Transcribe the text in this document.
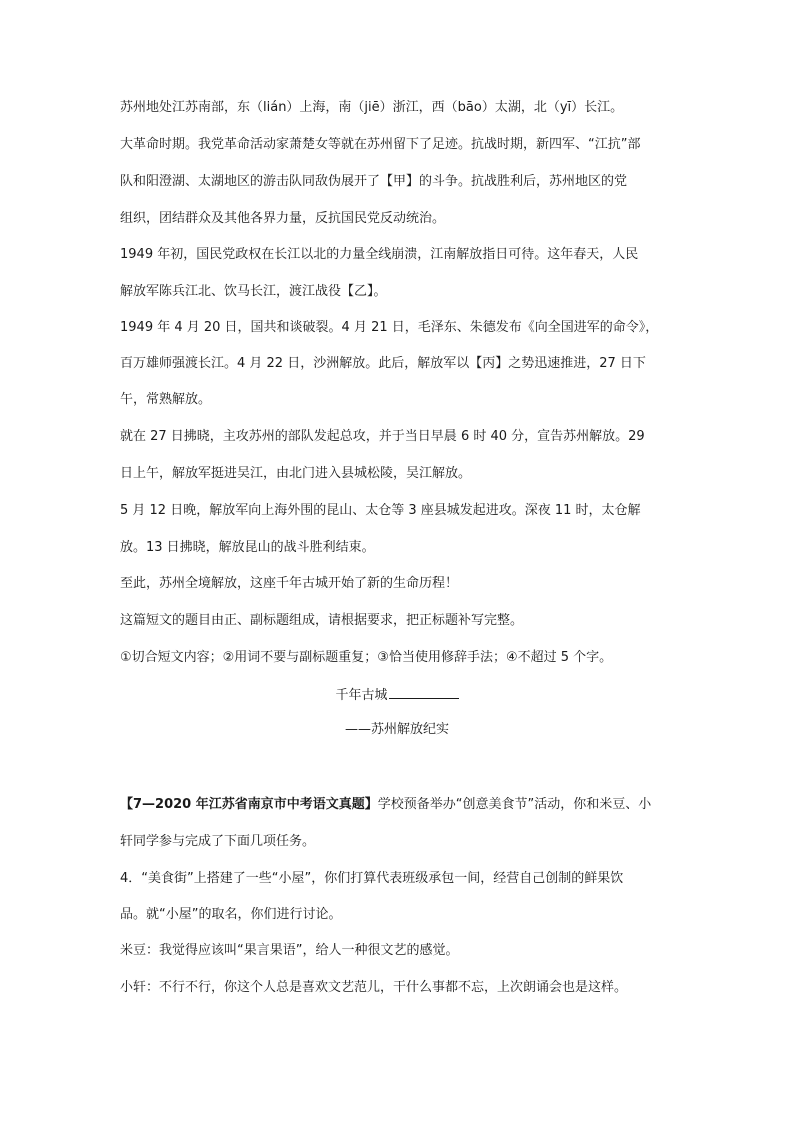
苏州地处江苏南部，东（lián）上海，南（jiē）浙江，西（bāo）太湖，北（yī）长江。
大革命时期。我党革命活动家萧楚女等就在苏州留下了足迹。抗战时期，新四军、“江抗”部
队和阳澄湖、太湖地区的游击队同敌伪展开了【甲】的斗争。抗战胜利后，苏州地区的党
组织，团结群众及其他各界力量，反抗国民党反动统治。
1949 年初，国民党政权在长江以北的力量全线崩溃，江南解放指日可待。这年春天，人民
解放军陈兵江北、饮马长江，渡江战役【乙】。
1949 年 4 月 20 日，国共和谈破裂。4 月 21 日，毛泽东、朱德发布《向全国进军的命令》，
百万雄师强渡长江。4 月 22 日，沙洲解放。此后，解放军以【丙】之势迅速推进，27 日下
午，常熟解放。
就在 27 日拂晓，主攻苏州的部队发起总攻，并于当日早晨 6 时 40 分，宣告苏州解放。29
日上午，解放军挺进吴江，由北门进入县城松陵，吴江解放。
5 月 12 日晚，解放军向上海外围的昆山、太仓等 3 座县城发起进攻。深夜 11 时，太仓解
放。13 日拂晓，解放昆山的战斗胜利结束。
至此，苏州全境解放，这座千年古城开始了新的生命历程！
这篇短文的题目由正、副标题组成，请根据要求，把正标题补写完整。
①切合短文内容；②用词不要与副标题重复；③恰当使用修辞手法；④不超过 5 个字。
千年古城
——苏州解放纪实
【7—2020 年江苏省南京市中考语文真题】学校预备举办“创意美食节”活动，你和米豆、小
轩同学参与完成了下面几项任务。
4．“美食街”上搭建了一些“小屋”，你们打算代表班级承包一间，经营自己创制的鲜果饮
品。就“小屋”的取名，你们进行讨论。
米豆：我觉得应该叫“果言果语”，给人一种很文艺的感觉。
小轩：不行不行，你这个人总是喜欢文艺范儿，干什么事都不忘，上次朗诵会也是这样。
